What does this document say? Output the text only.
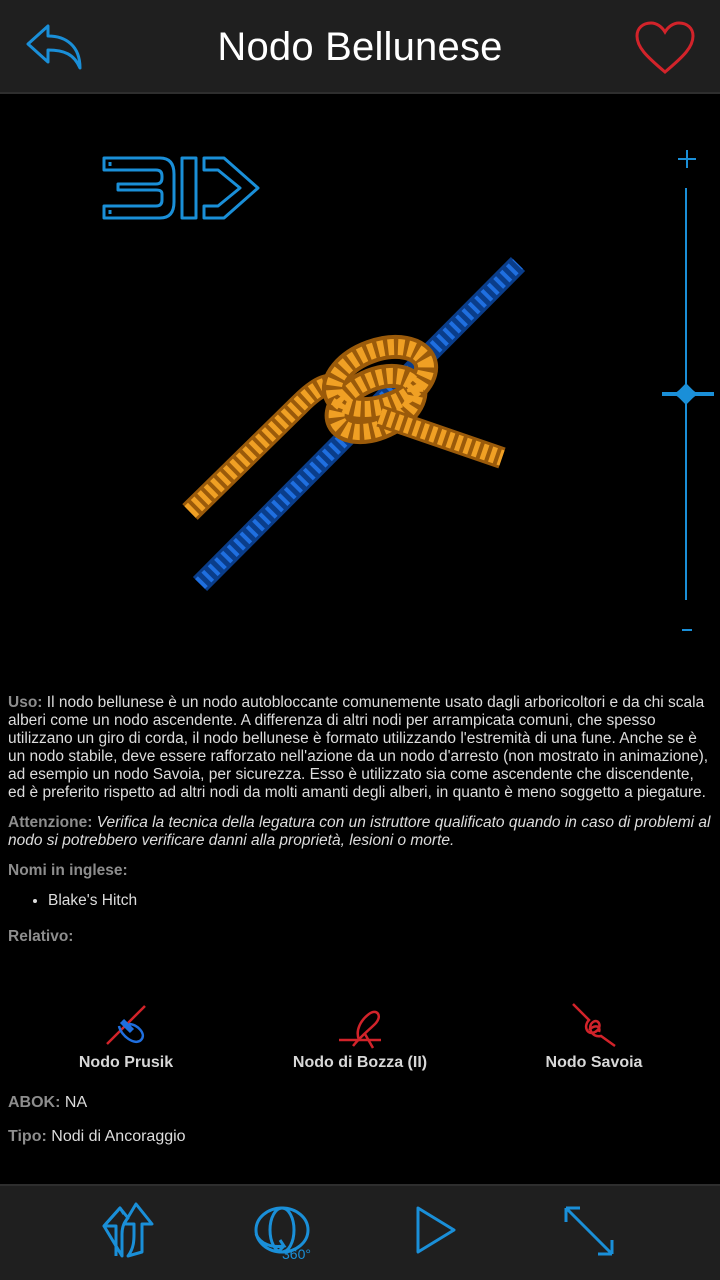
Nodo Bellunese

Uso: Il nodo bellunese è un nodo autobloccante comunemente usato dagli arboricoltori e da chi scala alberi come un nodo ascendente. A differenza di altri nodi per arrampicata comuni, che spesso utilizzano un giro di corda, il nodo bellunese è formato utilizzando l'estremità di una fune. Anche se è un nodo stabile, deve essere rafforzato nell'azione da un nodo d'arresto (non mostrato in animazione), ad esempio un nodo Savoia, per sicurezza. Esso è utilizzato sia come ascendente che discendente, ed è preferito rispetto ad altri nodi da molti amanti degli alberi, in quanto è meno soggetto a piegature.

Attenzione: Verifica la tecnica della legatura con un istruttore qualificato quando in caso di problemi al nodo si potrebbero verificare danni alla proprietà, lesioni o morte.

Nomi in inglese:

• Blake's Hitch

Relativo:

Nodo Prusik	Nodo di Bozza (II)	Nodo Savoia
ABOK: NA
Tipo: Nodi di Ancoraggio
360°
